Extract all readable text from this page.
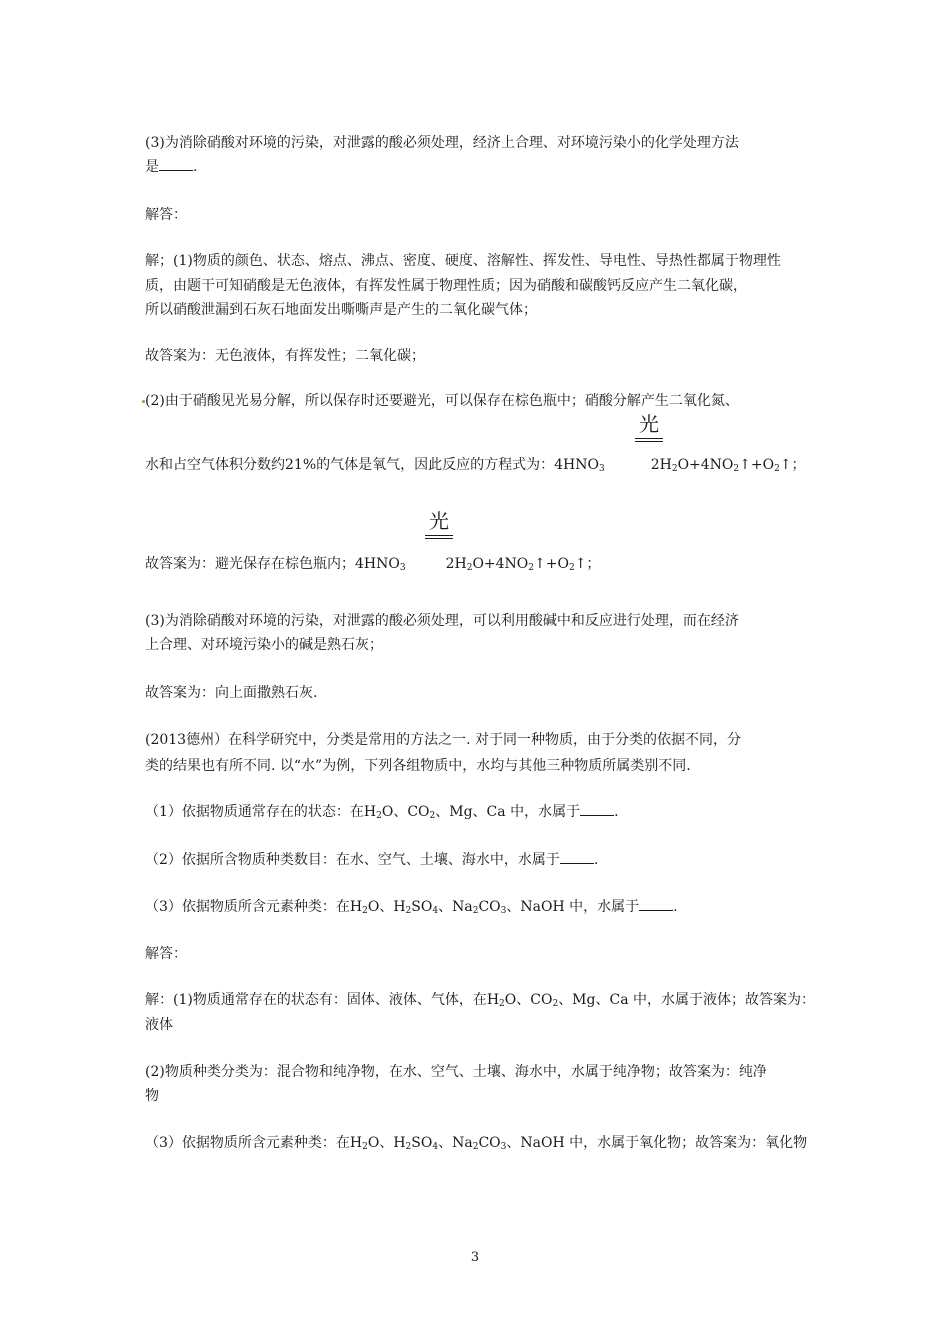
(3)为消除硝酸对环境的污染，对泄露的酸必须处理，经济上合理、对环境污染小的化学处理方法

是 .

解答：

解；(1)物质的颜色、状态、熔点、沸点、密度、硬度、溶解性、挥发性、导电性、导热性都属于物理性

质，由题干可知硝酸是无色液体，有挥发性属于物理性质；因为硝酸和碳酸钙反应产生二氧化碳，

所以硝酸泄漏到石灰石地面发出嘶嘶声是产生的二氧化碳气体；

故答案为：无色液体，有挥发性；二氧化碳；

(2)由于硝酸见光易分解，所以保存时还要避光，可以保存在棕色瓶中；硝酸分解产生二氧化氮、

光

水和占空气体积分数约21%的气体是氧气，因此反应的方程式为：$4HNO_3$	$2H_2O+4NO_2↑+O_2↑$；

光

故答案为：避光保存在棕色瓶内；$4HNO_3$	$2H_2O+4NO_2↑+O_2↑$；

(3)为消除硝酸对环境的污染，对泄露的酸必须处理，可以利用酸碱中和反应进行处理，而在经济

上合理、对环境污染小的碱是熟石灰；

故答案为：向上面撒熟石灰.

(2013德州）在科学研究中，分类是常用的方法之一. 对于同一种物质，由于分类的依据不同，分

类的结果也有所不同. 以“水”为例，下列各组物质中，水均与其他三种物质所属类别不同.

（1）依据物质通常存在的状态：在$H_2O$、$CO_2$、Mg、Ca 中，水属于 .

（2）依据所含物质种类数目：在水、空气、土壤、海水中，水属于 .

（3）依据物质所含元素种类：在$H_2O$、$H_2SO_4$、$Na_2CO_3$、NaOH 中，水属于 .

解答：

解：(1)物质通常存在的状态有：固体、液体、气体，在$H_2O$、$CO_2$、Mg、Ca 中，水属于液体；故答案为：

液体

(2)物质种类分类为：混合物和纯净物，在水、空气、土壤、海水中，水属于纯净物；故答案为：纯净

物

（3）依据物质所含元素种类：在$H_2O$、$H_2SO_4$、$Na_2CO_3$、NaOH 中，水属于氧化物；故答案为：氧化物

3
